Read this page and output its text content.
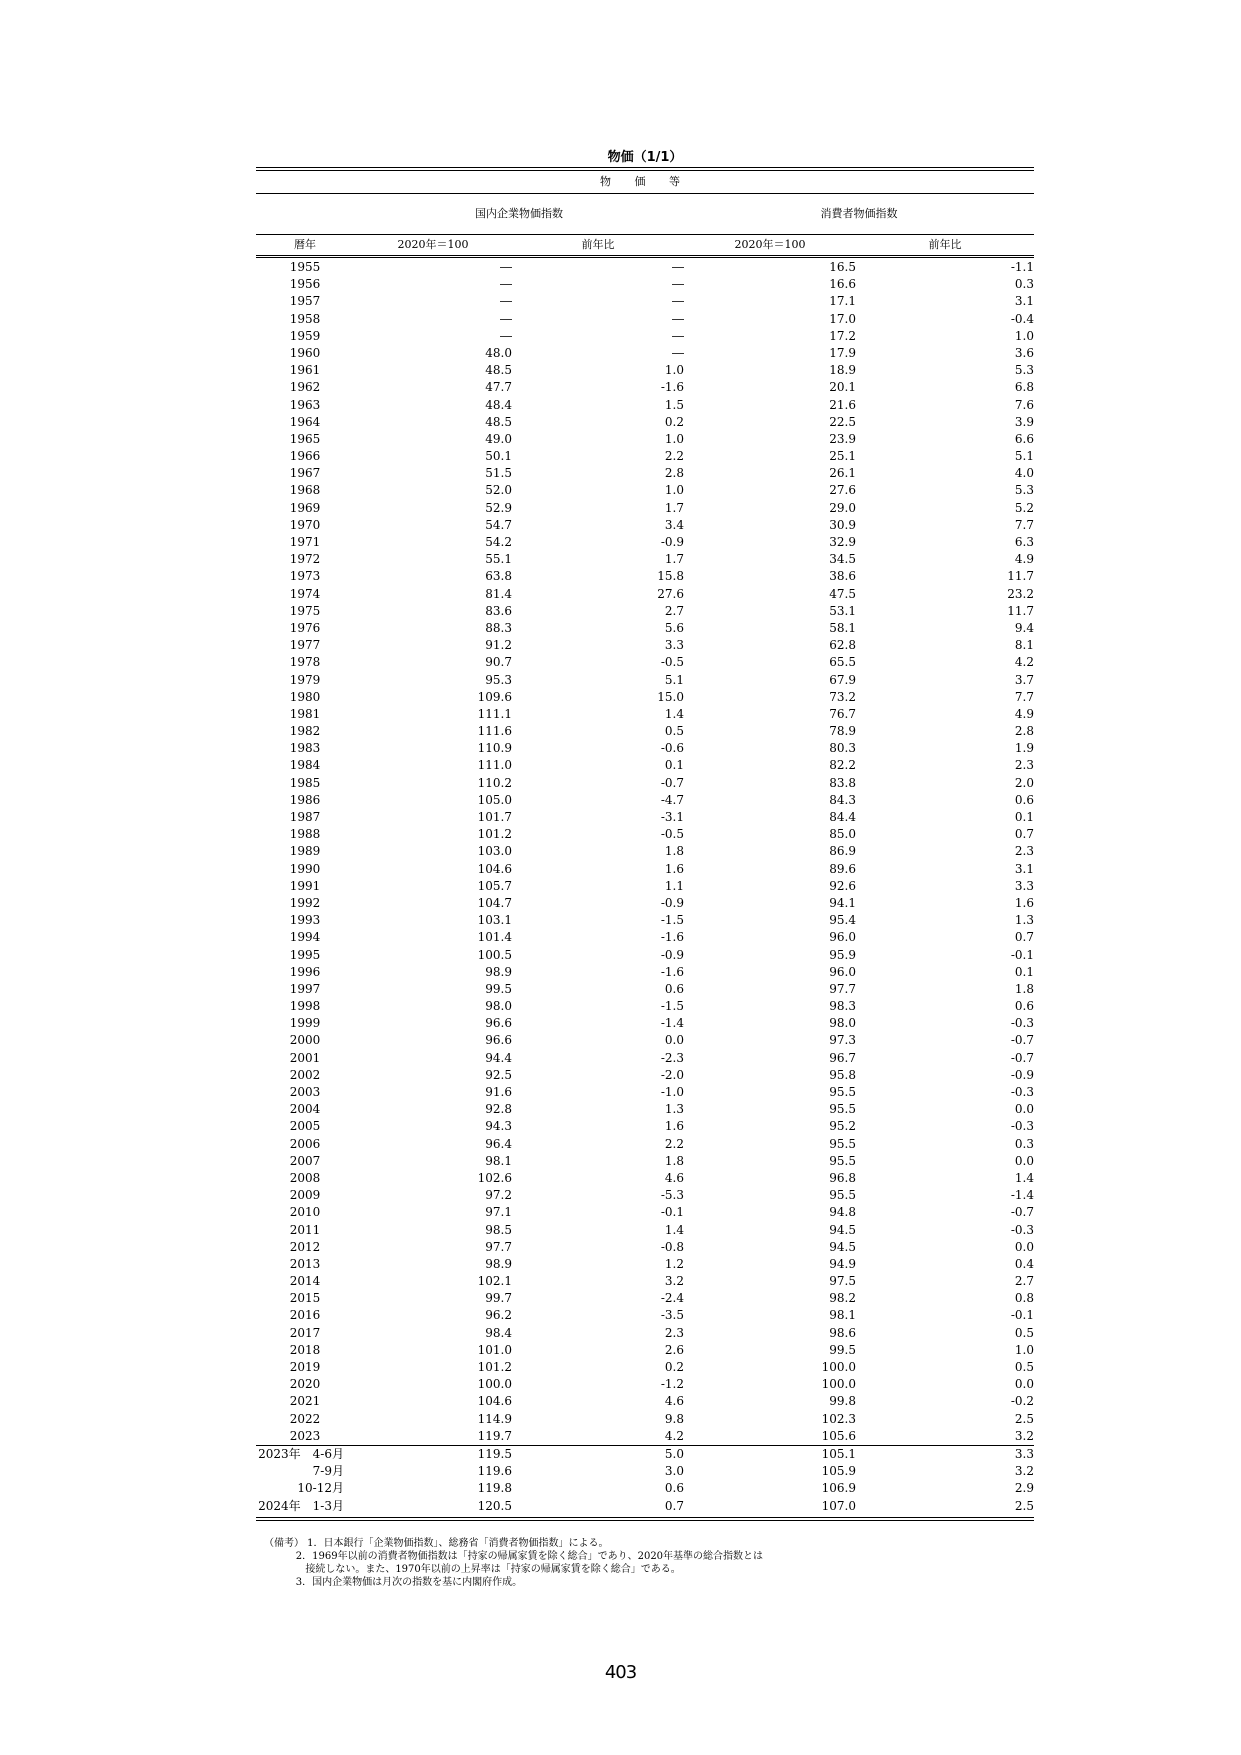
物価（1/1）
物 価 等
国内企業物価指数	消費者物価指数
暦年	2020年＝100	前年比	2020年＝100	前年比
1955	―	―	16.5	-1.1
1956	―	―	16.6	0.3
1957	―	―	17.1	3.1
1958	―	―	17.0	-0.4
1959	―	―	17.2	1.0
1960	48.0	―	17.9	3.6
1961	48.5	1.0	18.9	5.3
1962	47.7	-1.6	20.1	6.8
1963	48.4	1.5	21.6	7.6
1964	48.5	0.2	22.5	3.9
1965	49.0	1.0	23.9	6.6
1966	50.1	2.2	25.1	5.1
1967	51.5	2.8	26.1	4.0
1968	52.0	1.0	27.6	5.3
1969	52.9	1.7	29.0	5.2
1970	54.7	3.4	30.9	7.7
1971	54.2	-0.9	32.9	6.3
1972	55.1	1.7	34.5	4.9
1973	63.8	15.8	38.6	11.7
1974	81.4	27.6	47.5	23.2
1975	83.6	2.7	53.1	11.7
1976	88.3	5.6	58.1	9.4
1977	91.2	3.3	62.8	8.1
1978	90.7	-0.5	65.5	4.2
1979	95.3	5.1	67.9	3.7
1980	109.6	15.0	73.2	7.7
1981	111.1	1.4	76.7	4.9
1982	111.6	0.5	78.9	2.8
1983	110.9	-0.6	80.3	1.9
1984	111.0	0.1	82.2	2.3
1985	110.2	-0.7	83.8	2.0
1986	105.0	-4.7	84.3	0.6
1987	101.7	-3.1	84.4	0.1
1988	101.2	-0.5	85.0	0.7
1989	103.0	1.8	86.9	2.3
1990	104.6	1.6	89.6	3.1
1991	105.7	1.1	92.6	3.3
1992	104.7	-0.9	94.1	1.6
1993	103.1	-1.5	95.4	1.3
1994	101.4	-1.6	96.0	0.7
1995	100.5	-0.9	95.9	-0.1
1996	98.9	-1.6	96.0	0.1
1997	99.5	0.6	97.7	1.8
1998	98.0	-1.5	98.3	0.6
1999	96.6	-1.4	98.0	-0.3
2000	96.6	0.0	97.3	-0.7
2001	94.4	-2.3	96.7	-0.7
2002	92.5	-2.0	95.8	-0.9
2003	91.6	-1.0	95.5	-0.3
2004	92.8	1.3	95.5	0.0
2005	94.3	1.6	95.2	-0.3
2006	96.4	2.2	95.5	0.3
2007	98.1	1.8	95.5	0.0
2008	102.6	4.6	96.8	1.4
2009	97.2	-5.3	95.5	-1.4
2010	97.1	-0.1	94.8	-0.7
2011	98.5	1.4	94.5	-0.3
2012	97.7	-0.8	94.5	0.0
2013	98.9	1.2	94.9	0.4
2014	102.1	3.2	97.5	2.7
2015	99.7	-2.4	98.2	0.8
2016	96.2	-3.5	98.1	-0.1
2017	98.4	2.3	98.6	0.5
2018	101.0	2.6	99.5	1.0
2019	101.2	0.2	100.0	0.5
2020	100.0	-1.2	100.0	0.0
2021	104.6	4.6	99.8	-0.2
2022	114.9	9.8	102.3	2.5
2023	119.7	4.2	105.6	3.2
2023年　4-6月	119.5	5.0	105.1	3.3
7-9月	119.6	3.0	105.9	3.2
10-12月	119.8	0.6	106.9	2.9
2024年　1-3月	120.5	0.7	107.0	2.5
（備考） 1．日本銀行「企業物価指数」、総務省「消費者物価指数」による。
2．1969年以前の消費者物価指数は「持家の帰属家賃を除く総合」であり、2020年基準の総合指数とは
接続しない。また、1970年以前の上昇率は「持家の帰属家賃を除く総合」である。
3．国内企業物価は月次の指数を基に内閣府作成。
403
